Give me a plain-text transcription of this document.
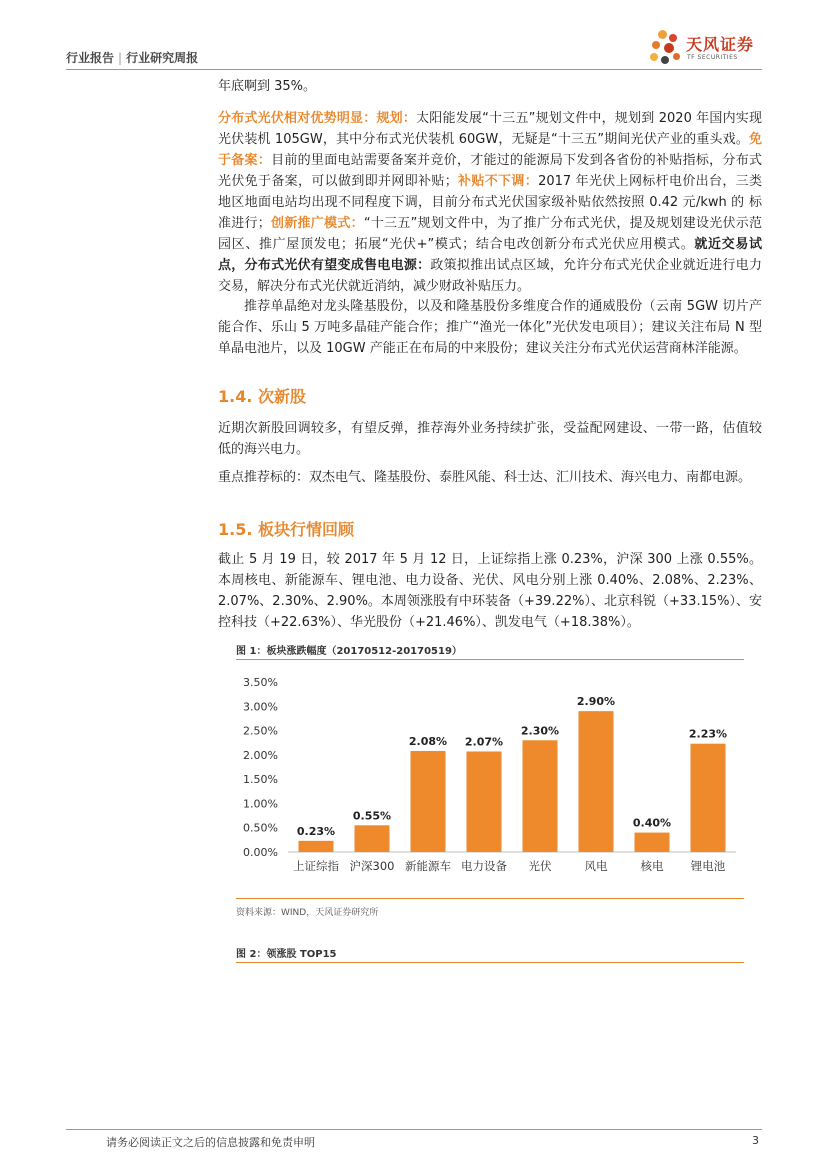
行业报告 | 行业研究周报
天风证券
TF SECURITIES

年底啊到 35%。

分布式光伏相对优势明显：规划：太阳能发展“十三五”规划文件中，规划到 2020 年国内实现光伏装机 105GW，其中分布式光伏装机 60GW，无疑是“十三五”期间光伏产业的重头戏。免于备案：目前的里面电站需要备案并竞价，才能过的能源局下发到各省份的补贴指标，分布式光伏免于备案，可以做到即并网即补贴；补贴不下调：2017 年光伏上网标杆电价出台，三类地区地面电站均出现不同程度下调，目前分布式光伏国家级补贴依然按照 0.42 元/kwh 的 标准进行；创新推广模式：“十三五”规划文件中，为了推广分布式光伏，提及规划建设光伏示范园区、推广屋顶发电；拓展“光伏+”模式；结合电改创新分布式光伏应用模式。就近交易试点，分布式光伏有望变成售电电源：政策拟推出试点区域，允许分布式光伏企业就近进行电力交易，解决分布式光伏就近消纳，减少财政补贴压力。

推荐单晶绝对龙头隆基股份，以及和隆基股份多维度合作的通威股份（云南 5GW 切片产能合作、乐山 5 万吨多晶硅产能合作；推广“渔光一体化”光伏发电项目）；建议关注布局 N 型单晶电池片，以及 10GW 产能正在布局的中来股份；建议关注分布式光伏运营商林洋能源。

1.4. 次新股

近期次新股回调较多，有望反弹，推荐海外业务持续扩张，受益配网建设、一带一路，估值较低的海兴电力。

重点推荐标的：双杰电气、隆基股份、泰胜风能、科士达、汇川技术、海兴电力、南都电源。

1.5. 板块行情回顾

截止 5 月 19 日，较 2017 年 5 月 12 日，上证综指上涨 0.23%，沪深 300 上涨 0.55%。本周核电、新能源车、锂电池、电力设备、光伏、风电分别上涨 0.40%、2.08%、2.23%、2.07%、2.30%、2.90%。本周领涨股有中环装备（+39.22%）、北京科锐（+33.15%）、安控科技（+22.63%）、华光股份（+21.46%）、凯发电气（+18.38%）。

图 1：板块涨跌幅度（20170512-20170519）
0.00%
0.50%
1.00%
1.50%
2.00%
2.50%
3.00%
3.50%
0.23%
上证综指
0.55%
沪深300
2.08%
新能源车
2.07%
电力设备
2.30%
光伏
2.90%
风电
0.40%
核电
2.23%
锂电池
资料来源：WIND，天风证券研究所
图 2：领涨股 TOP15
请务必阅读正文之后的信息披露和免责申明	3
